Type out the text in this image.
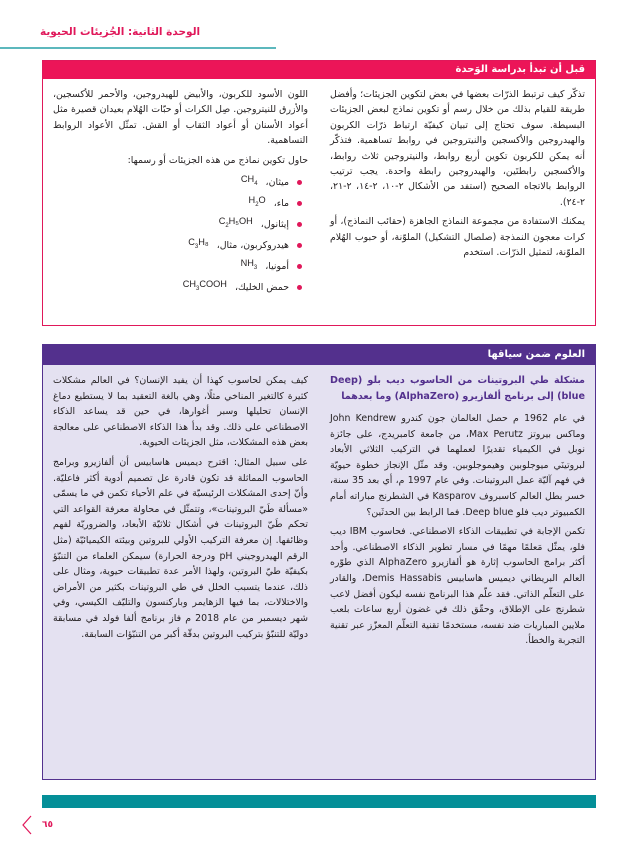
الوحدة الثانية: الجُزيئات الحيوية
قبل أن تبدأ بدراسة الوَحدة

تذكّر كيف ترتبط الذرّات بعضها في بعض لتكوين الجزيئات؛ وأفضل طريقة للقيام بذلك من خلال رسم أو تكوين نماذج لبعض الجزيئات البسيطة. سوف تحتاج إلى تبيان كيفيّة ارتباط ذرّات الكربون والهيدروجين والأكسجين والنيتروجين في روابط تساهمية. فتذكّر أنه يمكن للكربون تكوين أربع روابط، والنيتروجين ثلاث روابط، والأكسجين رابطتَين، والهيدروجين رابطة واحدة. يجب ترتيب الروابط بالاتجاه الصحيح (استفد من الأشكال ٢-١٠، ٢-١٤، ٢-٢١، ٢-٢٤).

يمكنك الاستفادة من مجموعة النماذج الجاهزة (حقائب النماذج)، أو كرات معجون النمذجة (صلصال التشكيل) الملوّنة، أو حبوب الهُلام الملوّنة، لتمثيل الذرّات. استخدم

اللون الأسود للكربون، والأبيض للهيدروجين، والأحمر للأكسجين، والأزرق للنيتروجين. صِل الكرات أو حبّات الهُلام بعيدان قصيرة مثل أعواد الأسنان أو أعواد الثقاب أو القش. تمثّل الأعواد الروابط التساهمية.

حاول تكوين نماذج من هذه الجزيئات أو رسمها:

ميثان،
$CH_4$
ماء،
$H_2O$
إيثانول،
$C_2H_5OH$
هيدروكربون، مثال،
$C_3H_8$
أمونيا،
$NH_3$
حمض الخليك،
$CH_3COOH$
العلوم ضمن سياقها
مشكلة طي البروتينات من الحاسوب ديب بلو (Deep blue) إلى برنامج ألفازيرو (AlphaZero) وما بعدهما

في عام 1962 م حصل العالمان جون كندرو John Kendrew وماكس بيروتز Max Perutz، من جامعة كامبريدج، على جائزة نوبل في الكيمياء تقديرًا لعملهما في التركيب الثلاثي الأبعاد لبروتينَي ميوجلوبين وهيموجلوبين. وقد مثّل الإنجاز خطوة حيويّة في فهم آليّة عمل البروتينات. وفي عام 1997 م، أي بعد 35 سنة، خسر بطل العالم كاسبروف Kasparov في الشطرنج مباراته أمام الكمبيوتر ديب فلو Deep blue. فما الرابط بين الحدثَين؟

تكمن الإجابة في تطبيقات الذكاء الاصطناعي. فحاسوب IBM ديب فلو، يمثّل مَعلمًا مهمًا في مسار تطوير الذكاء الاصطناعي. وأحد أكثر برامج الحاسوب إثارة هو ألفازيرو AlphaZero الذي طوّره العالم البريطاني ديميس هاسابيس Demis Hassabis، والقادر على التعلّم الذاتي. فقد علّم هذا البرنامج نفسه ليكون أفضل لاعب شطرنج على الإطلاق، وحقّق ذلك في غضون أربع ساعات بلعب ملايين المباريات ضد نفسه، مستخدمًا تقنية التعلّم المعزّز عبر تقنية التجربة والخطأ.

كيف يمكن لحاسوب كهذا أن يفيد الإنسان؟ في العالم مشكلات كثيرة كالتغير المناخي مثلًا، وهي بالغة التعقيد بما لا يستطيع دماغ الإنسان تحليلها وسبر أغوارها، في حين قد يساعد الذكاء الاصطناعي على ذلك. وقد بدأ هذا الذكاء الاصطناعي على معالجة بعض هذه المشكلات، مثل الجزيئات الحيوية.

على سبيل المثال: اقترح ديميس هاسابيس أن ألفازيرو وبرامج الحاسوب المماثلة قد تكون قادرة عل تصميم أدوية أكثر فاعليّة. وأنّ إحدى المشكلات الرئيسيّة في علم الأحياء تكمن في ما يسمّى «مسألة طَيّ البروتينات»، وتتمثّل في محاولة معرفة القواعد التي تحكم طَيّ البروتينات في أشكال ثلاثيّة الأبعاد، والضروريّة لفهم وظائفها. إن معرفة التركيب الأولي للبروتين وبيئته الكيميائيّة (مثل الرقم الهيدروجيني pH ودرجة الحرارة) سيمكن العلماء من التنبّؤ بكيفيّة طيّ البروتين، ولهذا الأمر عدة تطبيقات حيوية، ومثال على ذلك، عندما يتسبب الخلل في طي البروتينات بكثير من الأمراض والاختلالات، بما فيها الزهايمر وباركنسون والتليّف الكيسي، وفي شهر ديسمبر من عام 2018 م فاز برنامج ألفا فولد في مسابقة دوليّة للتنبّؤ بتركيب البروتين بدقّة أكبر من التنبّؤات السابقة.

٦٥
